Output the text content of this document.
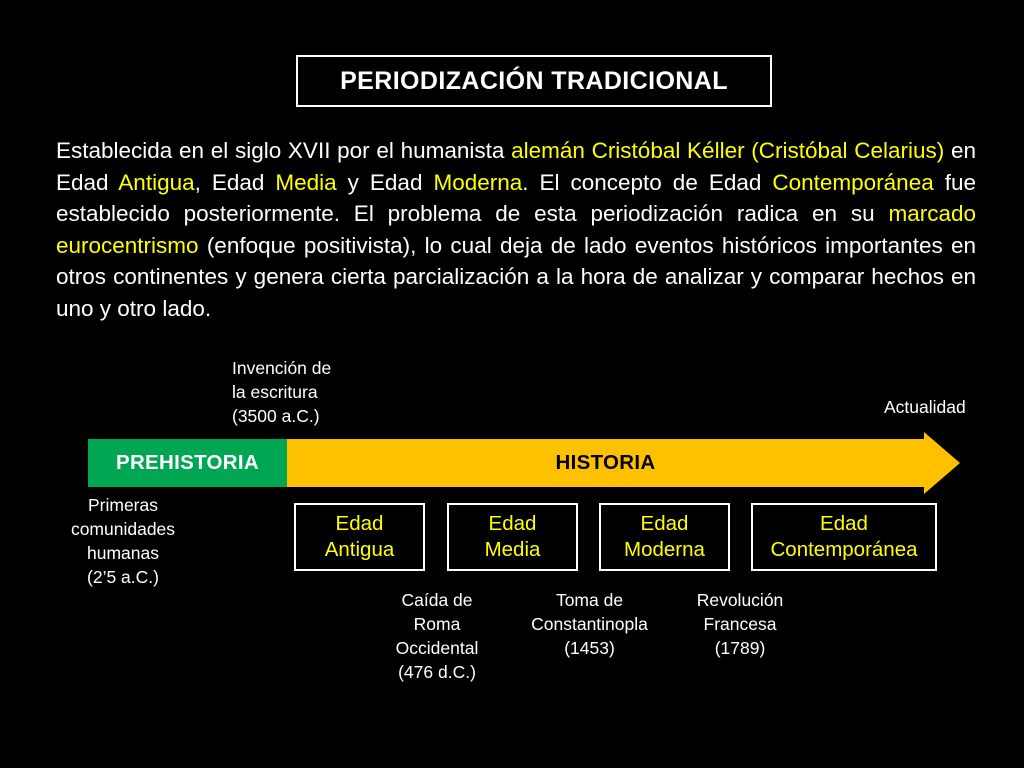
PERIODIZACIÓN TRADICIONAL
Establecida en el siglo XVII por el humanista alemán Cristóbal Kéller (Cristóbal Celarius) en Edad Antigua, Edad Media y Edad Moderna. El concepto de Edad Contemporánea fue establecido posteriormente. El problema de esta periodización radica en su marcado eurocentrismo (enfoque positivista), lo cual deja de lado eventos históricos importantes en otros continentes y genera cierta parcialización a la hora de analizar y comparar hechos en uno y otro lado.
Invención de
la escritura
(3500 a.C.)	Actualidad
PREHISTORIA	HISTORIA
Primeras
comunidades
humanas
(2’5 a.C.)
Edad
Antigua
Edad
Media
Edad
Moderna
Edad
Contemporánea
Caída de
Roma
Occidental
(476 d.C.)
Toma de
Constantinopla
(1453)
Revolución
Francesa
(1789)
